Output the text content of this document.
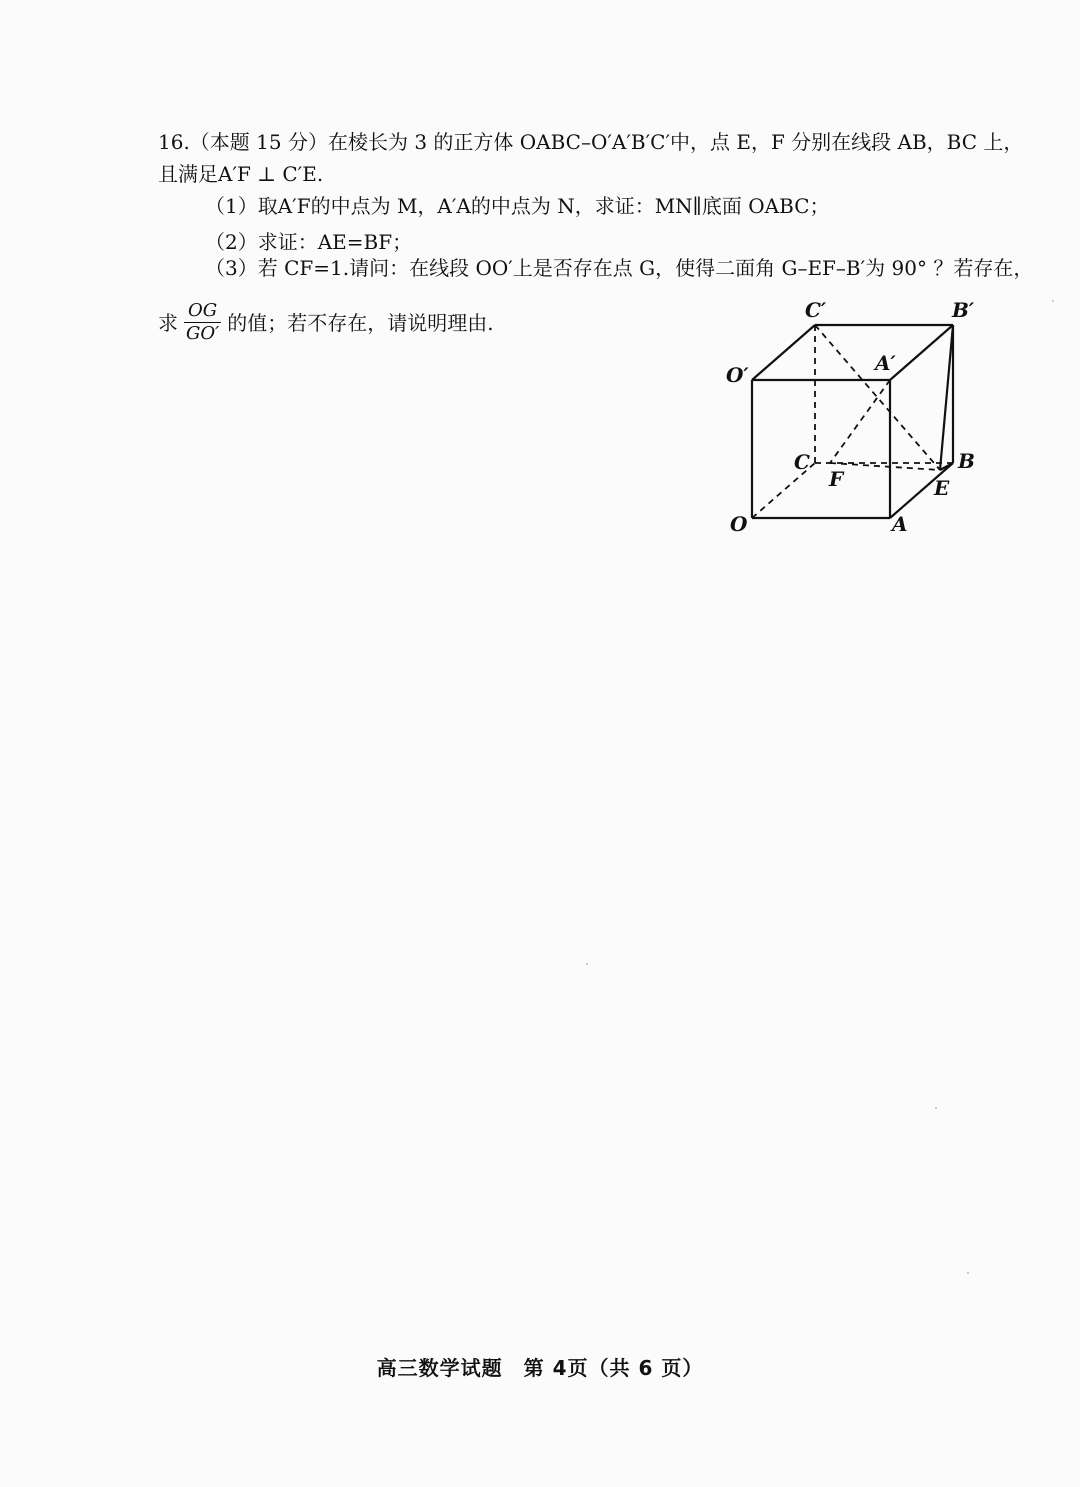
16.（本题 15 分）在棱长为 3 的正方体 OABC–O′A′B′C′中，点 E，F 分别在线段 AB，BC 上，
且满足A′F ⊥ C′E.
（1）取A′F的中点为 M，A′A的中点为 N，求证：MN∥底面 OABC；
（2）求证：AE=BF；
（3）若 CF=1.请问：在线段 OO′上是否存在点 G，使得二面角 G–EF–B′为 90° ？若存在，
求 $\frac{OG}{GO'}$ 的值；若不存在，请说明理由.
C′	B′
O′	A′
C	B
F	E
O	A
高三数学试题　第 4页（共 6 页）
